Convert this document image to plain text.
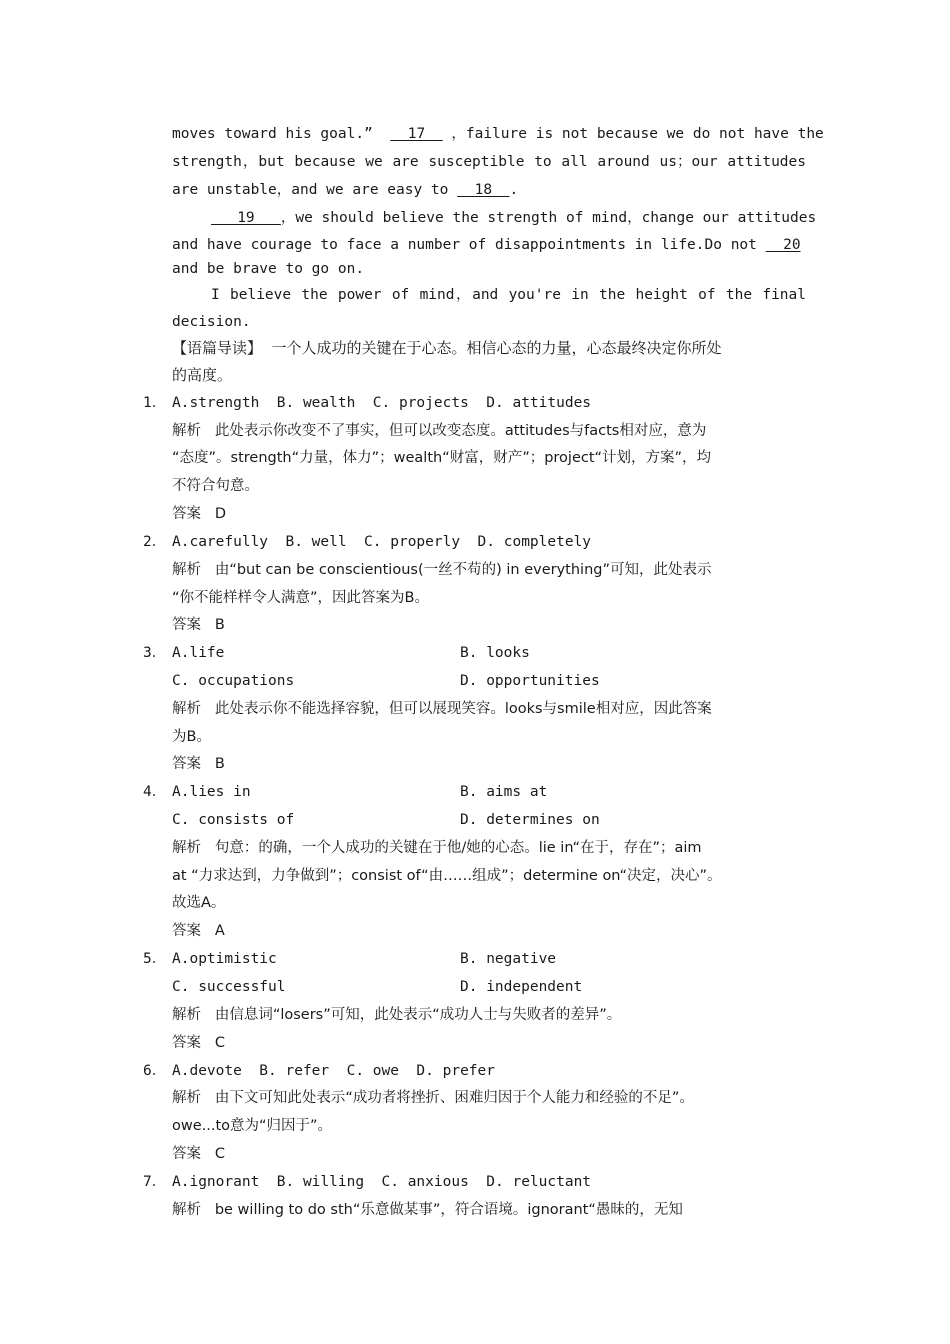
moves toward his goal.”    17   ，failure is not because we do not have the
strength，but because we are susceptible to all around us；our attitudes
are unstable，and we are easy to   18  .
19   ，we should believe the strength of mind，change our attitudes
and have courage to face a number of disappointments in life.Do not   20
and be brave to go on.
I believe the power of mind，and you're in the height of the final
decision.
【语篇导读】  一个人成功的关键在于心态。相信心态的力量，心态最终决定你所处
的高度。
1． A.strength  B. wealth  C. projects  D. attitudes
解析   此处表示你改变不了事实，但可以改变态度。attitudes与facts相对应，意为
“态度”。strength“力量，体力”；wealth“财富，财产”；project“计划，方案”，均
不符合句意。
答案   D
2． A.carefully  B. well  C. properly  D. completely
解析   由“but can be conscientious(一丝不苟的) in everything”可知，此处表示
“你不能样样令人满意”，因此答案为B。
答案   B
3． A.life	B. looks
C. occupations	D. opportunities
解析   此处表示你不能选择容貌，但可以展现笑容。looks与smile相对应，因此答案
为B。
答案   B
4． A.lies in	B. aims at
C. consists of	D. determines on
解析   句意：的确，一个人成功的关键在于他/她的心态。lie in“在于，存在”；aim
at “力求达到，力争做到”；consist of“由……组成”；determine on“决定，决心”。
故选A。
答案   A
5． A.optimistic	B. negative
C. successful	D. independent
解析   由信息词“losers”可知，此处表示“成功人士与失败者的差异”。
答案   C
6． A.devote  B. refer  C. owe  D. prefer
解析   由下文可知此处表示“成功者将挫折、困难归因于个人能力和经验的不足”。
owe...to意为“归因于”。
答案   C
7． A.ignorant  B. willing  C. anxious  D. reluctant
解析   be willing to do sth“乐意做某事”，符合语境。ignorant“愚昧的，无知
